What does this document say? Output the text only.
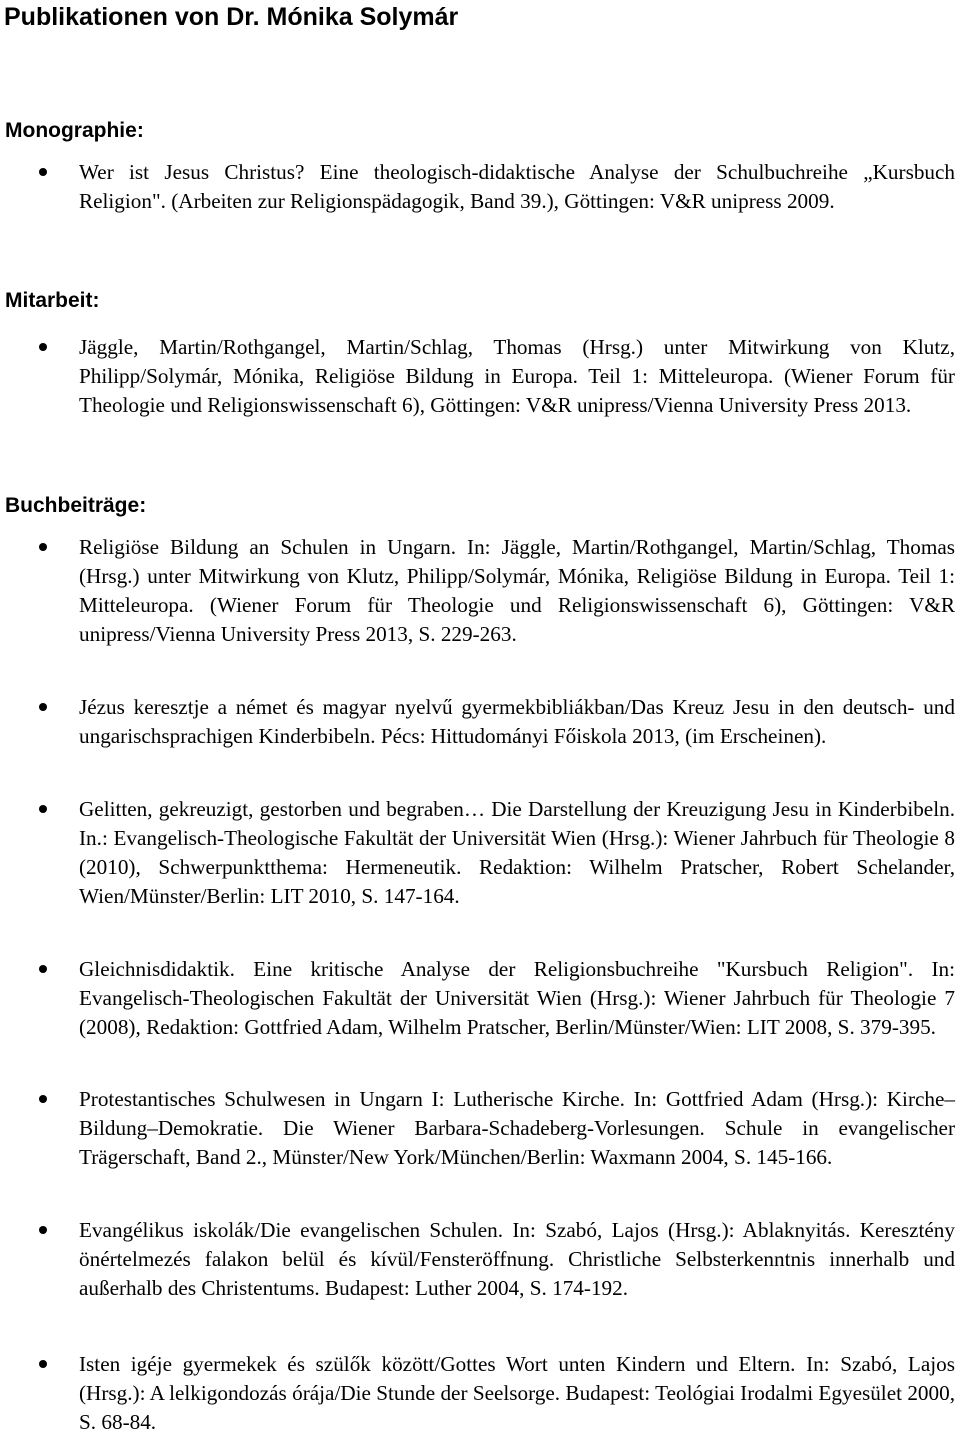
Publikationen von Dr. Mónika Solymár
Monographie:

Wer ist Jesus Christus? Eine theologisch-didaktische Analyse der Schulbuchreihe „Kursbuch Religion". (Arbeiten zur Religionspädagogik, Band 39.), Göttingen: V&R unipress 2009.

Mitarbeit:

Jäggle, Martin/Rothgangel, Martin/Schlag, Thomas (Hrsg.) unter Mitwirkung von Klutz, Philipp/Solymár, Mónika, Religiöse Bildung in Europa. Teil 1: Mitteleuropa. (Wiener Forum für Theologie und Religionswissenschaft 6), Göttingen: V&R unipress/Vienna University Press 2013.

Buchbeiträge:

Religiöse Bildung an Schulen in Ungarn. In: Jäggle, Martin/Rothgangel, Martin/Schlag, Thomas (Hrsg.) unter Mitwirkung von Klutz, Philipp/Solymár, Mónika, Religiöse Bildung in Europa. Teil 1: Mitteleuropa. (Wiener Forum für Theologie und Religionswissenschaft 6), Göttingen: V&R unipress/Vienna University Press 2013, S. 229-263.

Jézus keresztje a német és magyar nyelvű gyermekbibliákban/Das Kreuz Jesu in den deutsch- und ungarischsprachigen Kinderbibeln. Pécs: Hittudományi Főiskola 2013, (im Erscheinen).

Gelitten, gekreuzigt, gestorben und begraben… Die Darstellung der Kreuzigung Jesu in Kinderbibeln. In.: Evangelisch-Theologische Fakultät der Universität Wien (Hrsg.): Wiener Jahrbuch für Theologie 8 (2010), Schwerpunktthema: Hermeneutik. Redaktion: Wilhelm Pratscher, Robert Schelander, Wien/Münster/Berlin: LIT 2010, S. 147-164.

Gleichnisdidaktik. Eine kritische Analyse der Religionsbuchreihe "Kursbuch Religion". In: Evangelisch-Theologischen Fakultät der Universität Wien (Hrsg.): Wiener Jahrbuch für Theologie 7 (2008), Redaktion: Gottfried Adam, Wilhelm Pratscher, Berlin/Münster/Wien: LIT 2008, S. 379-395.

Protestantisches Schulwesen in Ungarn I: Lutherische Kirche. In: Gottfried Adam (Hrsg.): Kirche–Bildung–Demokratie. Die Wiener Barbara-Schadeberg-Vorlesungen. Schule in evangelischer Trägerschaft, Band 2., Münster/New York/München/Berlin: Waxmann 2004, S. 145-166.

Evangélikus iskolák/Die evangelischen Schulen. In: Szabó, Lajos (Hrsg.): Ablaknyitás. Keresztény önértelmezés falakon belül és kívül/Fensteröffnung. Christliche Selbsterkenntnis innerhalb und außerhalb des Christentums. Budapest: Luther 2004, S. 174-192.

Isten igéje gyermekek és szülők között/Gottes Wort unten Kindern und Eltern. In: Szabó, Lajos (Hrsg.): A lelkigondozás órája/Die Stunde der Seelsorge. Budapest: Teológiai Irodalmi Egyesület 2000, S. 68-84.
